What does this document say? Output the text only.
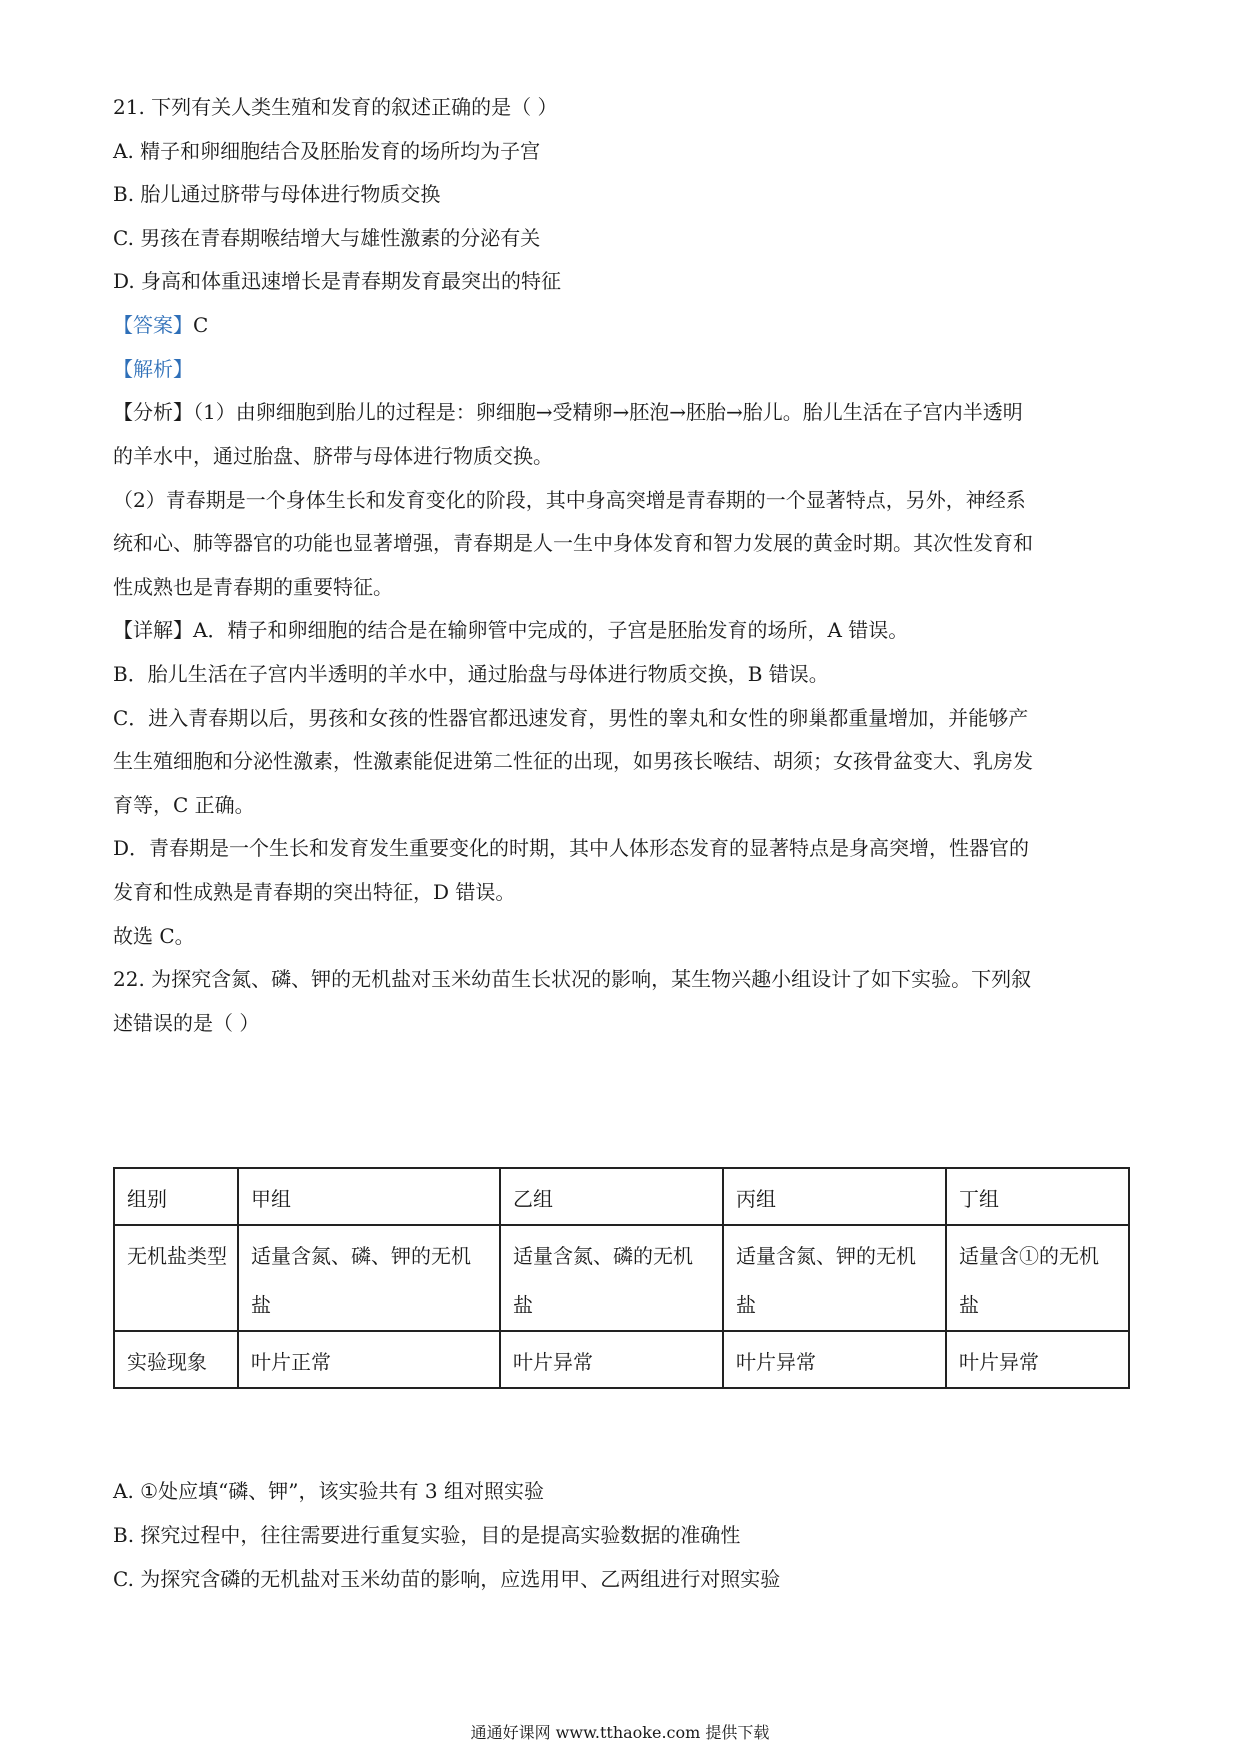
21. 下列有关人类生殖和发育的叙述正确的是（ ）
A. 精子和卵细胞结合及胚胎发育的场所均为子宫
B. 胎儿通过脐带与母体进行物质交换
C. 男孩在青春期喉结增大与雄性激素的分泌有关
D. 身高和体重迅速增长是青春期发育最突出的特征
【答案】C
【解析】
【分析】（1）由卵细胞到胎儿的过程是：卵细胞→受精卵→胚泡→胚胎→胎儿。胎儿生活在子宫内半透明
的羊水中，通过胎盘、脐带与母体进行物质交换。
（2）青春期是一个身体生长和发育变化的阶段，其中身高突增是青春期的一个显著特点，另外，神经系
统和心、肺等器官的功能也显著增强，青春期是人一生中身体发育和智力发展的黄金时期。其次性发育和
性成熟也是青春期的重要特征。
【详解】A．精子和卵细胞的结合是在输卵管中完成的，子宫是胚胎发育的场所，A 错误。
B．胎儿生活在子宫内半透明的羊水中，通过胎盘与母体进行物质交换，B 错误。
C．进入青春期以后，男孩和女孩的性器官都迅速发育，男性的睾丸和女性的卵巢都重量增加，并能够产
生生殖细胞和分泌性激素，性激素能促进第二性征的出现，如男孩长喉结、胡须；女孩骨盆变大、乳房发
育等，C 正确。
D．青春期是一个生长和发育发生重要变化的时期，其中人体形态发育的显著特点是身高突增，性器官的
发育和性成熟是青春期的突出特征，D 错误。
故选 C。
22. 为探究含氮、磷、钾的无机盐对玉米幼苗生长状况的影响，某生物兴趣小组设计了如下实验。下列叙
述错误的是（ ）
组别	甲组	乙组	丙组	丁组
无机盐类型	适量含氮、磷、钾的无机盐	适量含氮、磷的无机盐	适量含氮、钾的无机盐	适量含①的无机盐
实验现象	叶片正常	叶片异常	叶片异常	叶片异常
A. ①处应填“磷、钾”，该实验共有 3 组对照实验
B. 探究过程中，往往需要进行重复实验，目的是提高实验数据的准确性
C. 为探究含磷的无机盐对玉米幼苗的影响，应选用甲、乙两组进行对照实验
通通好课网 www.tthaoke.com 提供下载
